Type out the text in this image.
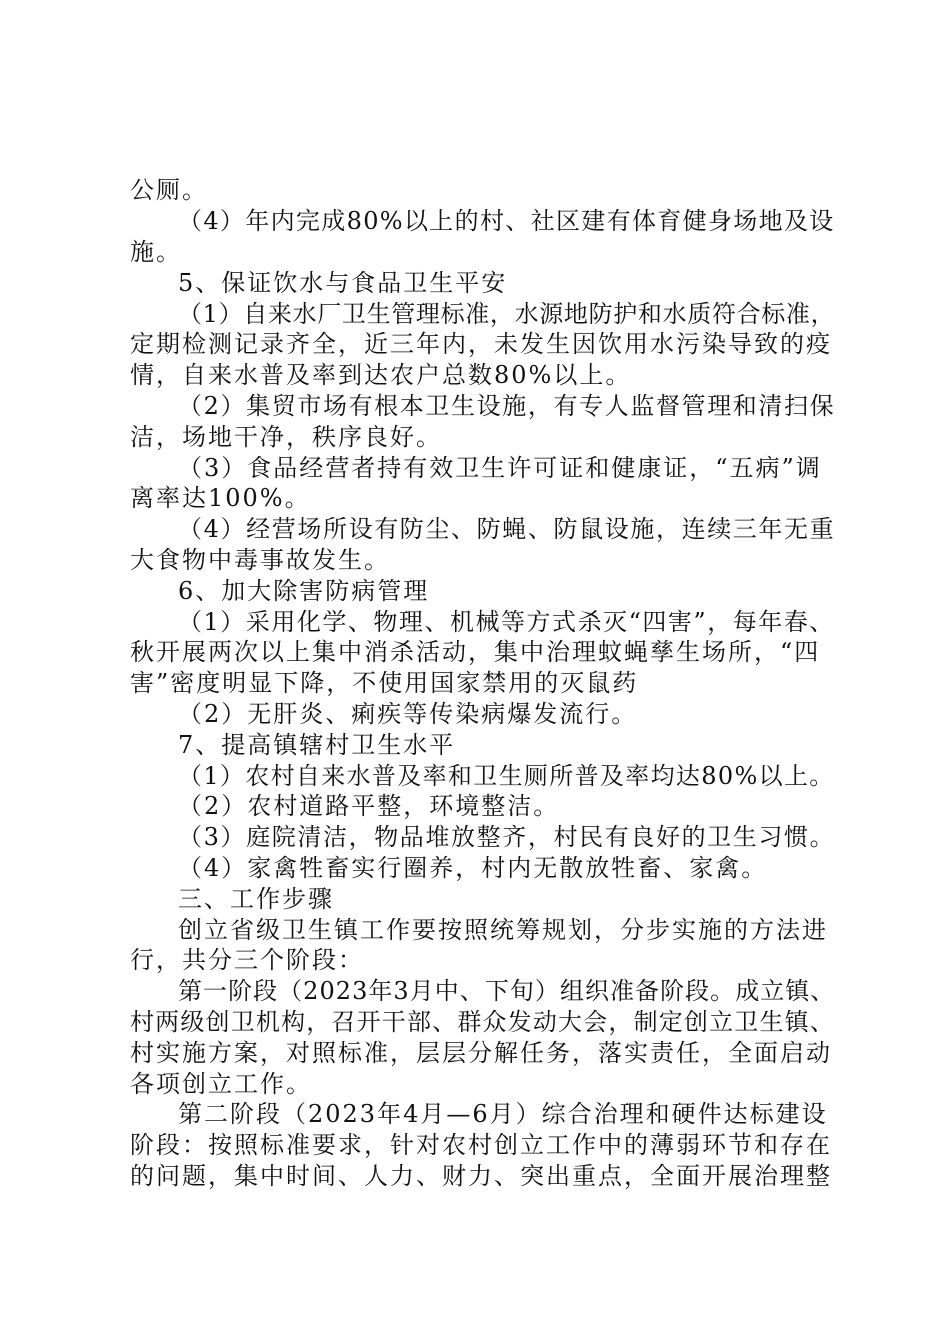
公厕。
（4）年内完成80%以上的村、社区建有体育健身场地及设
施。
5、保证饮水与食品卫生平安
（1）自来水厂卫生管理标准，水源地防护和水质符合标准，
定期检测记录齐全，近三年内，未发生因饮用水污染导致的疫
情，自来水普及率到达农户总数80%以上。
（2）集贸市场有根本卫生设施，有专人监督管理和清扫保
洁，场地干净，秩序良好。
（3）食品经营者持有效卫生许可证和健康证，“五病”调
离率达100%。
（4）经营场所设有防尘、防蝇、防鼠设施，连续三年无重
大食物中毒事故发生。
6、加大除害防病管理
（1）采用化学、物理、机械等方式杀灭“四害”，每年春、
秋开展两次以上集中消杀活动，集中治理蚊蝇孳生场所，“四
害”密度明显下降，不使用国家禁用的灭鼠药
（2）无肝炎、痢疾等传染病爆发流行。
7、提高镇辖村卫生水平
（1）农村自来水普及率和卫生厕所普及率均达80%以上。
（2）农村道路平整，环境整洁。
（3）庭院清洁，物品堆放整齐，村民有良好的卫生习惯。
（4）家禽牲畜实行圈养，村内无散放牲畜、家禽。
三、工作步骤
创立省级卫生镇工作要按照统筹规划，分步实施的方法进
行，共分三个阶段：
第一阶段（2023年3月中、下旬）组织准备阶段。成立镇、
村两级创卫机构，召开干部、群众发动大会，制定创立卫生镇、
村实施方案，对照标准，层层分解任务，落实责任，全面启动
各项创立工作。
第二阶段（2023年4月—6月）综合治理和硬件达标建设
阶段：按照标准要求，针对农村创立工作中的薄弱环节和存在
的问题，集中时间、人力、财力、突出重点，全面开展治理整
